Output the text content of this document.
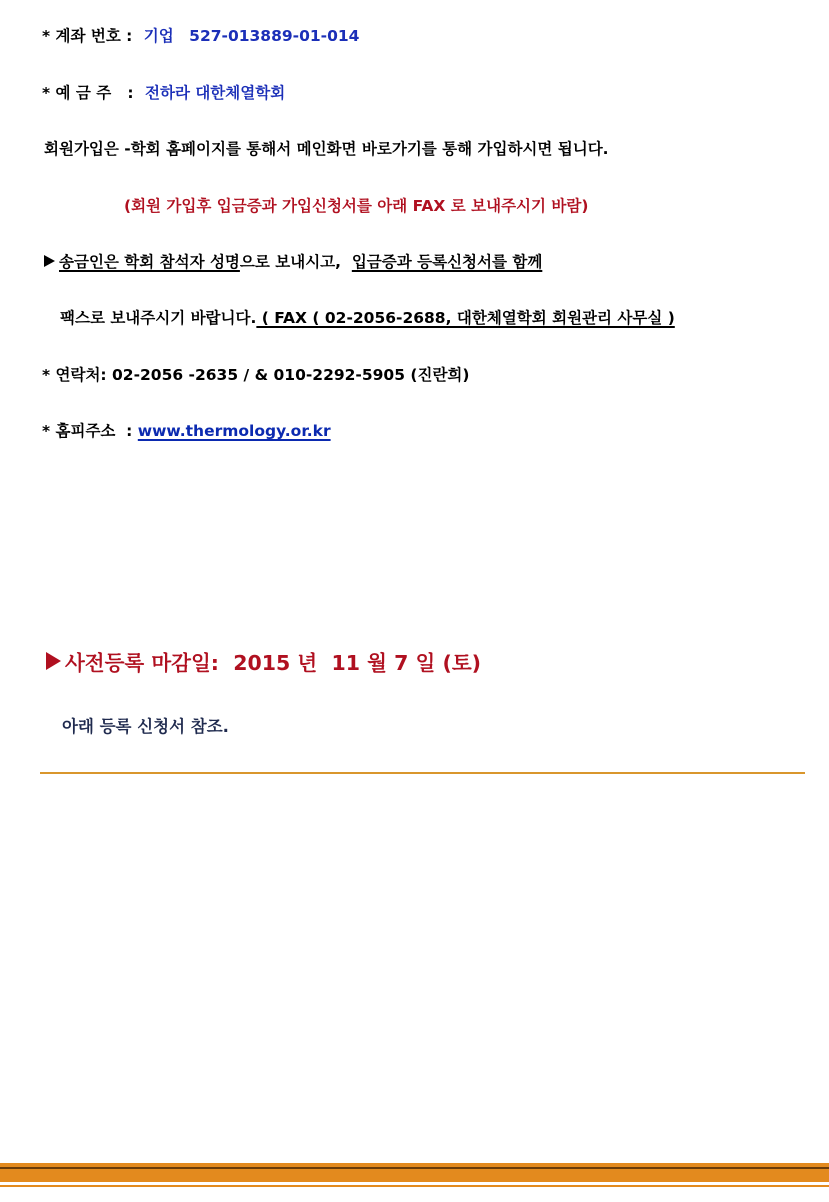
* 계좌 번호 : 기업 527-013889-01-014
* 예 금 주   : 전하라 대한체열학회
회원가입은 -학회 홈페이지를 통해서 메인화면 바로가기를 통해 가입하시면 됩니다.
(회원 가입후 입금증과 가입신청서를 아래 FAX 로 보내주시기 바람)
송금인은 학회 참석자 성명으로 보내시고,  입금증과 등록신청서를 함께
팩스로 보내주시기 바랍니다. ( FAX ( 02-2056-2688, 대한체열학회 회원관리 사무실 )
* 연락처: 02-2056 -2635 / & 010-2292-5905 (진란희)
* 홈피주소  : www.thermology.or.kr
사전등록 마감일:  2015 년  11 월 7 일 (토)
아래 등록 신청서 참조.
